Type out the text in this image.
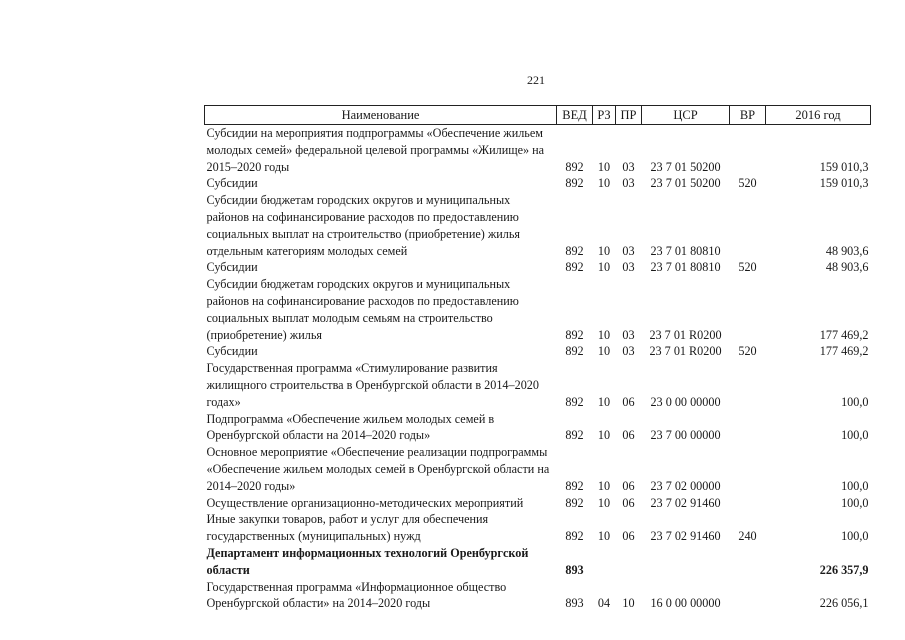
221
Наименование	ВЕД	РЗ	ПР	ЦСР	ВР	2016 год
Субсидии на мероприятия подпрограммы «Обеспечение жильем молодых семей» федеральной целевой программы «Жилище» на 2015–2020 годы	892	10	03	23 7 01 50200		159 010,3
Субсидии	892	10	03	23 7 01 50200	520	159 010,3
Субсидии бюджетам городских округов и муниципальных районов на софинансирование расходов по предоставлению социальных выплат на строительство (приобретение) жилья отдельным категориям молодых семей	892	10	03	23 7 01 80810		48 903,6
Субсидии	892	10	03	23 7 01 80810	520	48 903,6
Субсидии бюджетам городских округов и муниципальных районов на софинансирование расходов по предоставлению социальных выплат молодым семьям на строительство (приобретение) жилья	892	10	03	23 7 01 R0200		177 469,2
Субсидии	892	10	03	23 7 01 R0200	520	177 469,2
Государственная программа «Стимулирование развития жилищного строительства в Оренбургской области в 2014–2020 годах»	892	10	06	23 0 00 00000		100,0
Подпрограмма «Обеспечение жильем молодых семей в Оренбургской области на 2014–2020 годы»	892	10	06	23 7 00 00000		100,0
Основное мероприятие «Обеспечение реализации подпрограммы «Обеспечение жильем молодых семей в Оренбургской области на 2014–2020 годы»	892	10	06	23 7 02 00000		100,0
Осуществление организационно-методических мероприятий	892	10	06	23 7 02 91460		100,0
Иные закупки товаров, работ и услуг для обеспечения государственных (муниципальных) нужд	892	10	06	23 7 02 91460	240	100,0
Департамент информационных технологий Оренбургской области	893					226 357,9
Государственная программа «Информационное общество Оренбургской области» на 2014–2020 годы	893	04	10	16 0 00 00000		226 056,1
